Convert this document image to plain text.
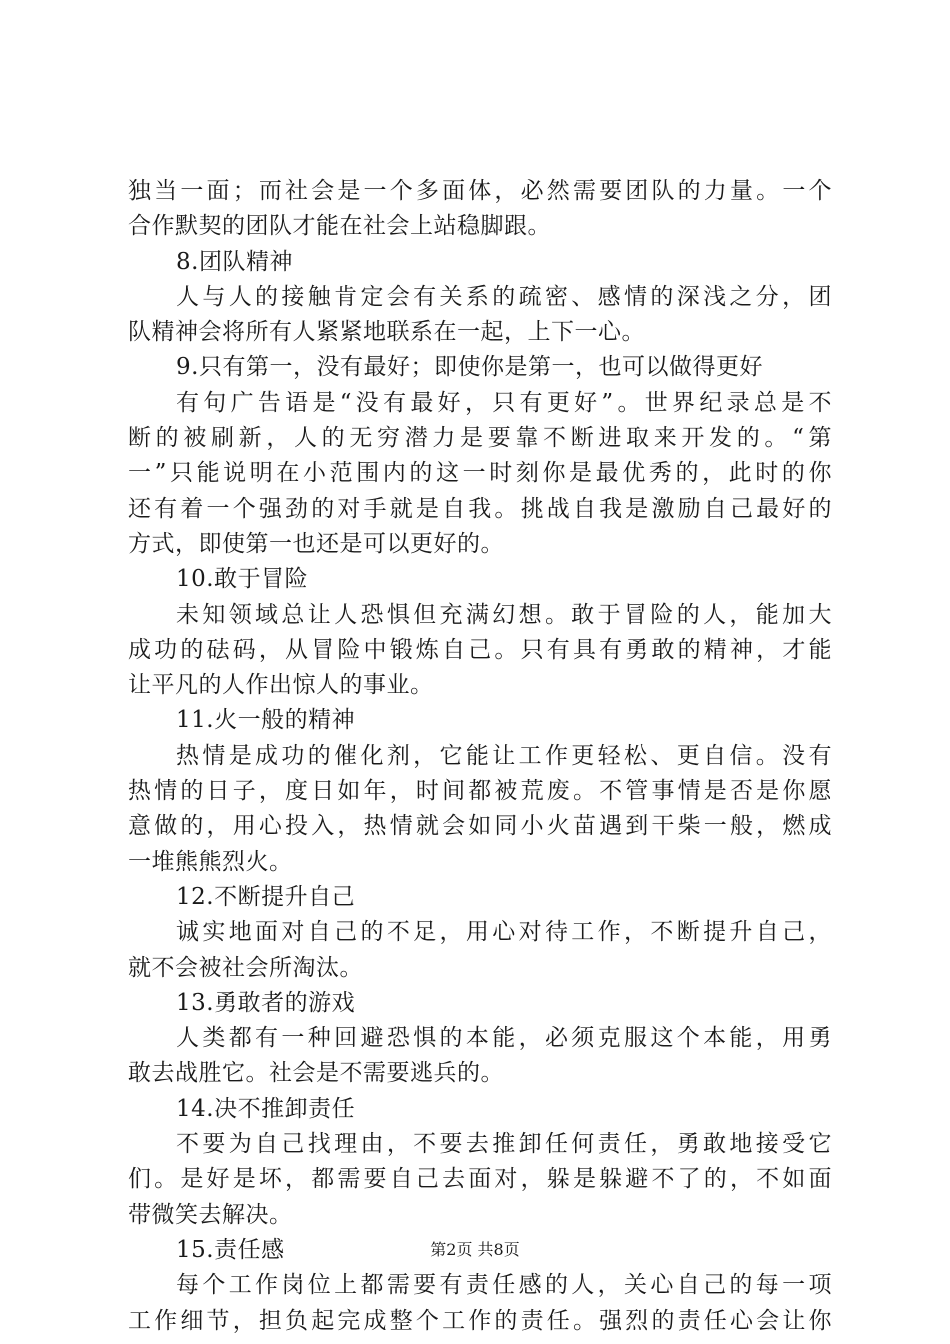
独当一面；而社会是一个多面体，必然需要团队的力量。一个
合作默契的团队才能在社会上站稳脚跟。
8.团队精神
人与人的接触肯定会有关系的疏密、感情的深浅之分，团
队精神会将所有人紧紧地联系在一起，上下一心。
9.只有第一，没有最好；即使你是第一，也可以做得更好
有句广告语是“没有最好，只有更好”。世界纪录总是不
断的被刷新，人的无穷潜力是要靠不断进取来开发的。“第
一”只能说明在小范围内的这一时刻你是最优秀的，此时的你
还有着一个强劲的对手就是自我。挑战自我是激励自己最好的
方式，即使第一也还是可以更好的。
10.敢于冒险
未知领域总让人恐惧但充满幻想。敢于冒险的人，能加大
成功的砝码，从冒险中锻炼自己。只有具有勇敢的精神，才能
让平凡的人作出惊人的事业。
11.火一般的精神
热情是成功的催化剂，它能让工作更轻松、更自信。没有
热情的日子，度日如年，时间都被荒废。不管事情是否是你愿
意做的，用心投入，热情就会如同小火苗遇到干柴一般，燃成
一堆熊熊烈火。
12.不断提升自己
诚实地面对自己的不足，用心对待工作，不断提升自己，
就不会被社会所淘汰。
13.勇敢者的游戏
人类都有一种回避恐惧的本能，必须克服这个本能，用勇
敢去战胜它。社会是不需要逃兵的。
14.决不推卸责任
不要为自己找理由，不要去推卸任何责任，勇敢地接受它
们。是好是坏，都需要自己去面对，躲是躲避不了的，不如面
带微笑去解决。
15.责任感
每个工作岗位上都需要有责任感的人，关心自己的每一项
工作细节，担负起完成整个工作的责任。强烈的责任心会让你
第2页 共8页
